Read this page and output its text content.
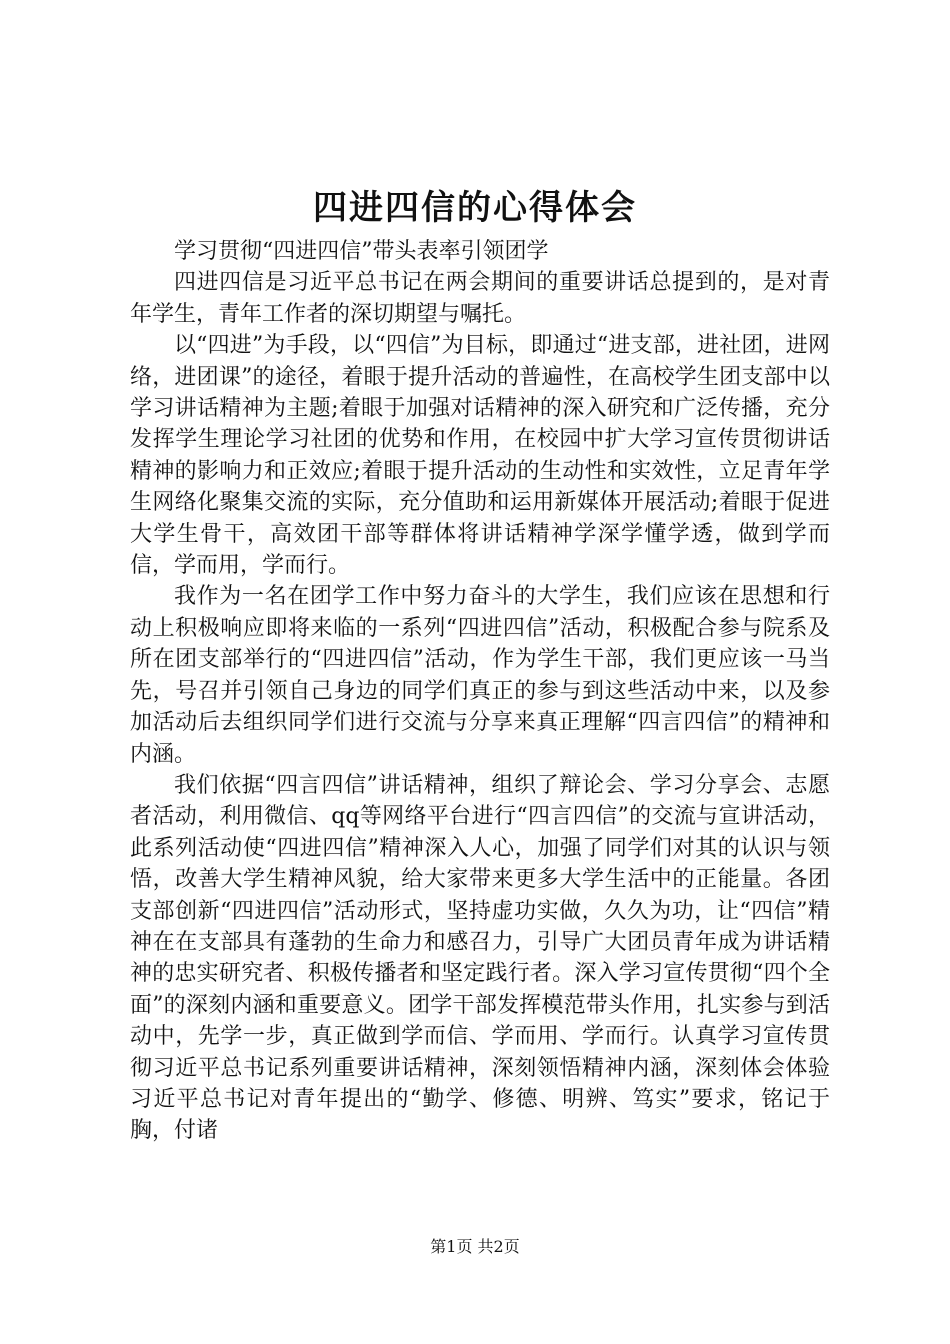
四进四信的心得体会

学习贯彻“四进四信”带头表率引领团学

四进四信是习近平总书记在两会期间的重要讲话总提到的，是对青年学生，青年工作者的深切期望与嘱托。

以“四进”为手段，以“四信”为目标，即通过“进支部，进社团，进网络，进团课”的途径，着眼于提升活动的普遍性，在高校学生团支部中以学习讲话精神为主题;着眼于加强对话精神的深入研究和广泛传播，充分发挥学生理论学习社团的优势和作用，在校园中扩大学习宣传贯彻讲话精神的影响力和正效应;着眼于提升活动的生动性和实效性，立足青年学生网络化聚集交流的实际，充分值助和运用新媒体开展活动;着眼于促进大学生骨干，高效团干部等群体将讲话精神学深学懂学透，做到学而信，学而用，学而行。

我作为一名在团学工作中努力奋斗的大学生，我们应该在思想和行动上积极响应即将来临的一系列“四进四信”活动，积极配合参与院系及所在团支部举行的“四进四信”活动，作为学生干部，我们更应该一马当先，号召并引领自己身边的同学们真正的参与到这些活动中来，以及参加活动后去组织同学们进行交流与分享来真正理解“四言四信”的精神和内涵。

我们依据“四言四信”讲话精神，组织了辩论会、学习分享会、志愿者活动，利用微信、qq等网络平台进行“四言四信”的交流与宣讲活动，此系列活动使“四进四信”精神深入人心，加强了同学们对其的认识与领悟，改善大学生精神风貌，给大家带来更多大学生活中的正能量。各团支部创新“四进四信”活动形式，坚持虚功实做，久久为功，让“四信”精神在在支部具有蓬勃的生命力和感召力，引导广大团员青年成为讲话精神的忠实研究者、积极传播者和坚定践行者。深入学习宣传贯彻“四个全面”的深刻内涵和重要意义。团学干部发挥模范带头作用，扎实参与到活动中，先学一步，真正做到学而信、学而用、学而行。认真学习宣传贯彻习近平总书记系列重要讲话精神，深刻领悟精神内涵，深刻体会体验习近平总书记对青年提出的“勤学、修德、明辨、笃实”要求，铭记于胸，付诸

第1页 共2页
